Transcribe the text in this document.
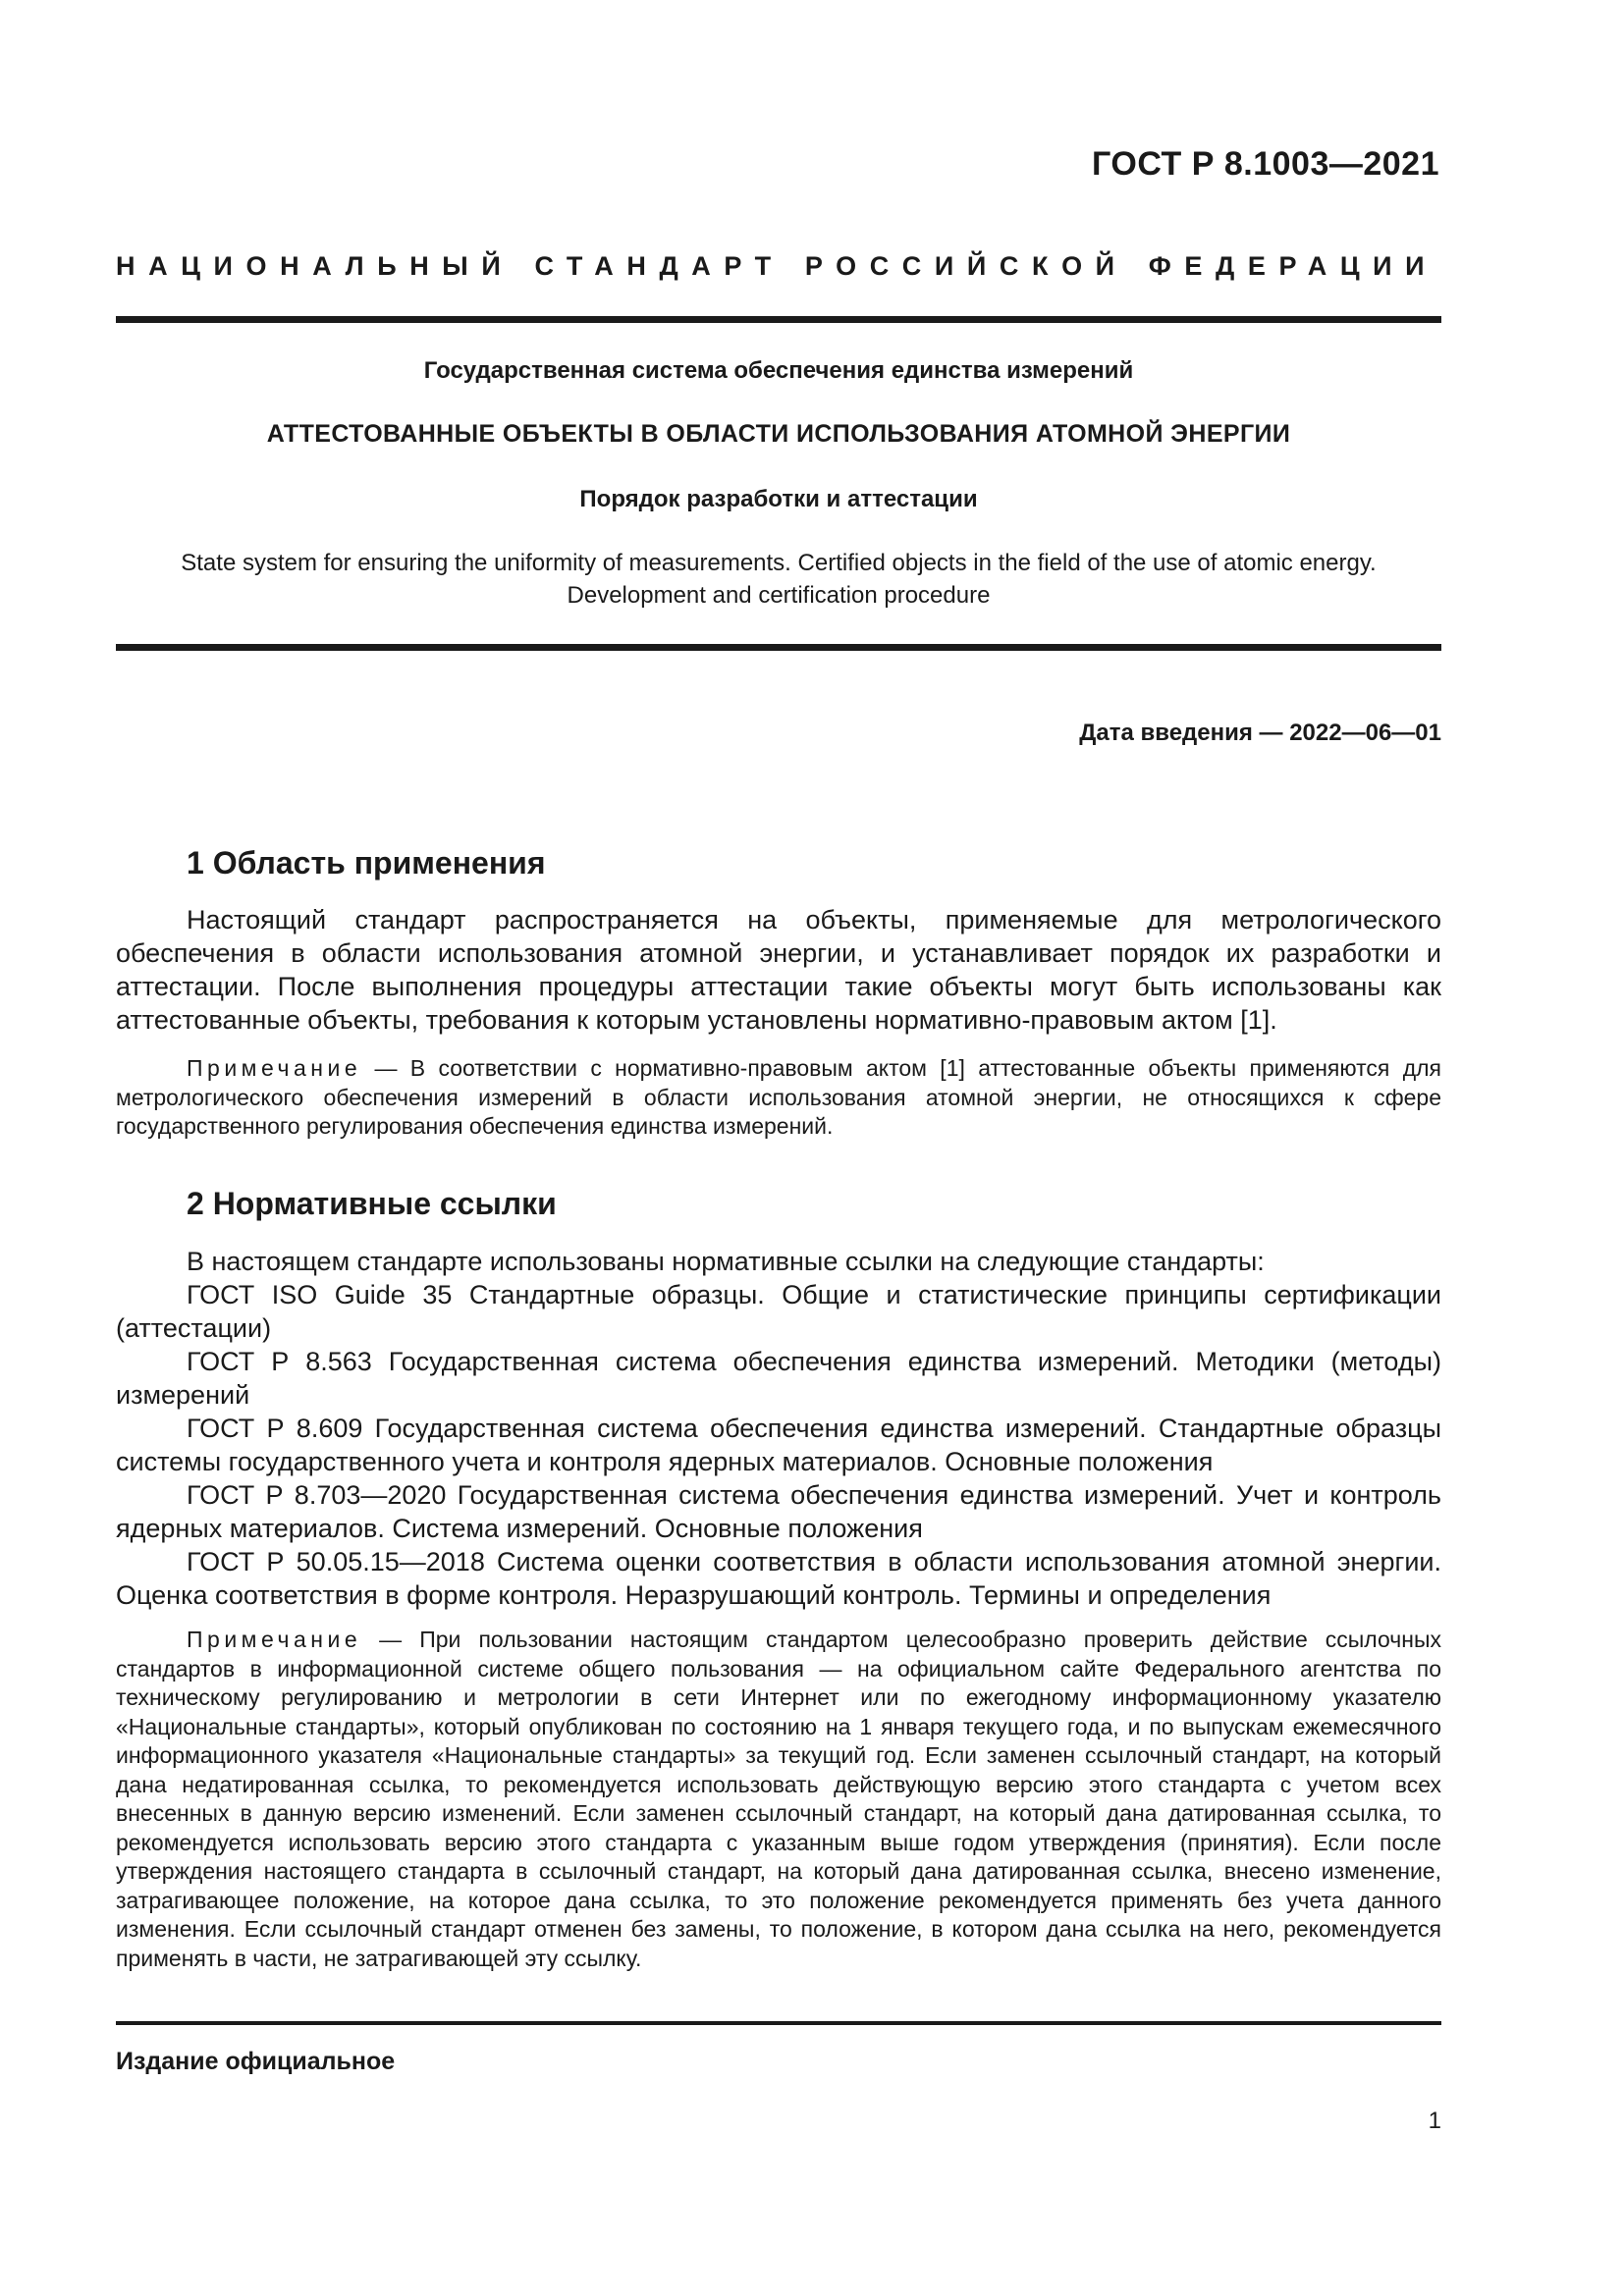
ГОСТ Р 8.1003—2021
НАЦИОНАЛЬНЫЙ СТАНДАРТ РОССИЙСКОЙ ФЕДЕРАЦИИ
Государственная система обеспечения единства измерений
АТТЕСТОВАННЫЕ ОБЪЕКТЫ В ОБЛАСТИ ИСПОЛЬЗОВАНИЯ АТОМНОЙ ЭНЕРГИИ
Порядок разработки и аттестации
State system for ensuring the uniformity of measurements. Certified objects in the field of the use of atomic energy.
Development and certification procedure
Дата введения — 2022—06—01
1 Область применения

Настоящий стандарт распространяется на объекты, применяемые для метрологического обеспечения в области использования атомной энергии, и устанавливает порядок их разработки и аттестации. После выполнения процедуры аттестации такие объекты могут быть использованы как аттестованные объекты, требования к которым установлены нормативно-правовым актом [1].

Примечание — В соответствии с нормативно-правовым актом [1] аттестованные объекты применяются для метрологического обеспечения измерений в области использования атомной энергии, не относящихся к сфере государственного регулирования обеспечения единства измерений.

2 Нормативные ссылки

В настоящем стандарте использованы нормативные ссылки на следующие стандарты:

ГОСТ ISO Guide 35 Стандартные образцы. Общие и статистические принципы сертификации (аттестации)

ГОСТ Р 8.563 Государственная система обеспечения единства измерений. Методики (методы) измерений

ГОСТ Р 8.609 Государственная система обеспечения единства измерений. Стандартные образцы системы государственного учета и контроля ядерных материалов. Основные положения

ГОСТ Р 8.703—2020 Государственная система обеспечения единства измерений. Учет и контроль ядерных материалов. Система измерений. Основные положения

ГОСТ Р 50.05.15—2018 Система оценки соответствия в области использования атомной энергии. Оценка соответствия в форме контроля. Неразрушающий контроль. Термины и определения

Примечание — При пользовании настоящим стандартом целесообразно проверить действие ссылочных стандартов в информационной системе общего пользования — на официальном сайте Федерального агентства по техническому регулированию и метрологии в сети Интернет или по ежегодному информационному указателю «Национальные стандарты», который опубликован по состоянию на 1 января текущего года, и по выпускам ежемесячного информационного указателя «Национальные стандарты» за текущий год. Если заменен ссылочный стандарт, на который дана недатированная ссылка, то рекомендуется использовать действующую версию этого стандарта с учетом всех внесенных в данную версию изменений. Если заменен ссылочный стандарт, на который дана датированная ссылка, то рекомендуется использовать версию этого стандарта с указанным выше годом утверждения (принятия). Если после утверждения настоящего стандарта в ссылочный стандарт, на который дана датированная ссылка, внесено изменение, затрагивающее положение, на которое дана ссылка, то это положение рекомендуется применять без учета данного изменения. Если ссылочный стандарт отменен без замены, то положение, в котором дана ссылка на него, рекомендуется применять в части, не затрагивающей эту ссылку.

Издание официальное
1
